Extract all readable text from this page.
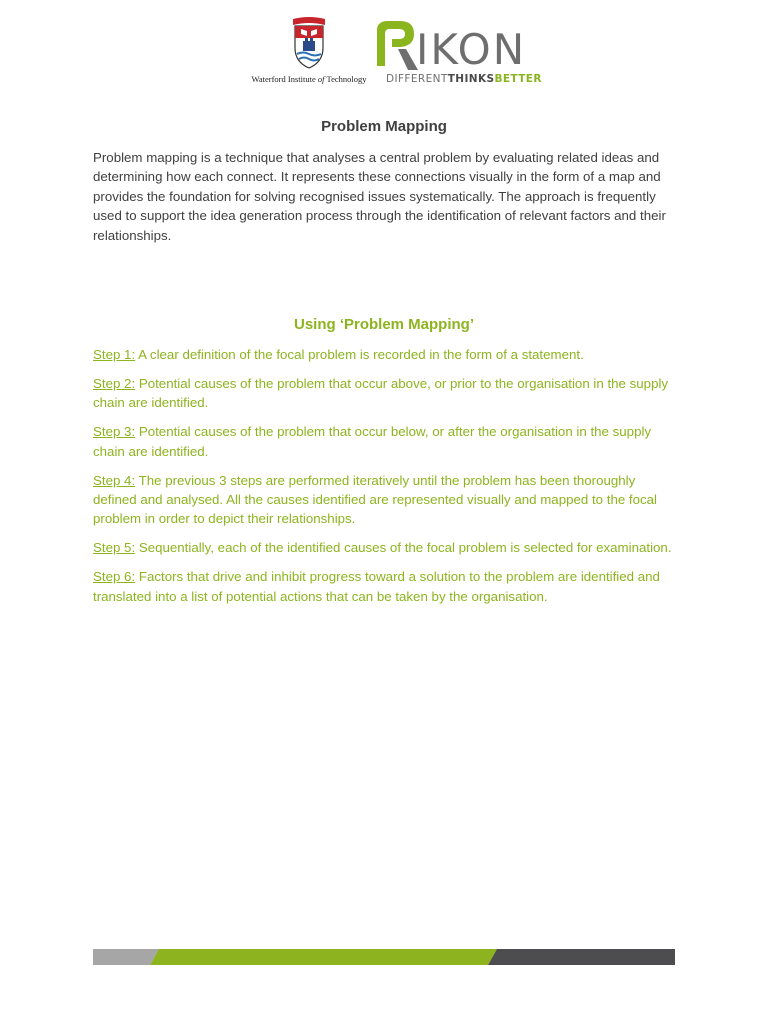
Waterford Institute of Technology
IKON
DIFFERENTTHINKSBETTER
Problem Mapping

Problem mapping is a technique that analyses a central problem by evaluating related ideas and determining how each connect. It represents these connections visually in the form of a map and provides the foundation for solving recognised issues systematically. The approach is frequently used to support the idea generation process through the identification of relevant factors and their relationships.

Using ‘Problem Mapping’

Step 1: A clear definition of the focal problem is recorded in the form of a statement.

Step 2: Potential causes of the problem that occur above, or prior to the organisation in the supply chain are identified.

Step 3: Potential causes of the problem that occur below, or after the organisation in the supply chain are identified.

Step 4: The previous 3 steps are performed iteratively until the problem has been thoroughly defined and analysed. All the causes identified are represented visually and mapped to the focal problem in order to depict their relationships.

Step 5: Sequentially, each of the identified causes of the focal problem is selected for examination.

Step 6: Factors that drive and inhibit progress toward a solution to the problem are identified and translated into a list of potential actions that can be taken by the organisation.
